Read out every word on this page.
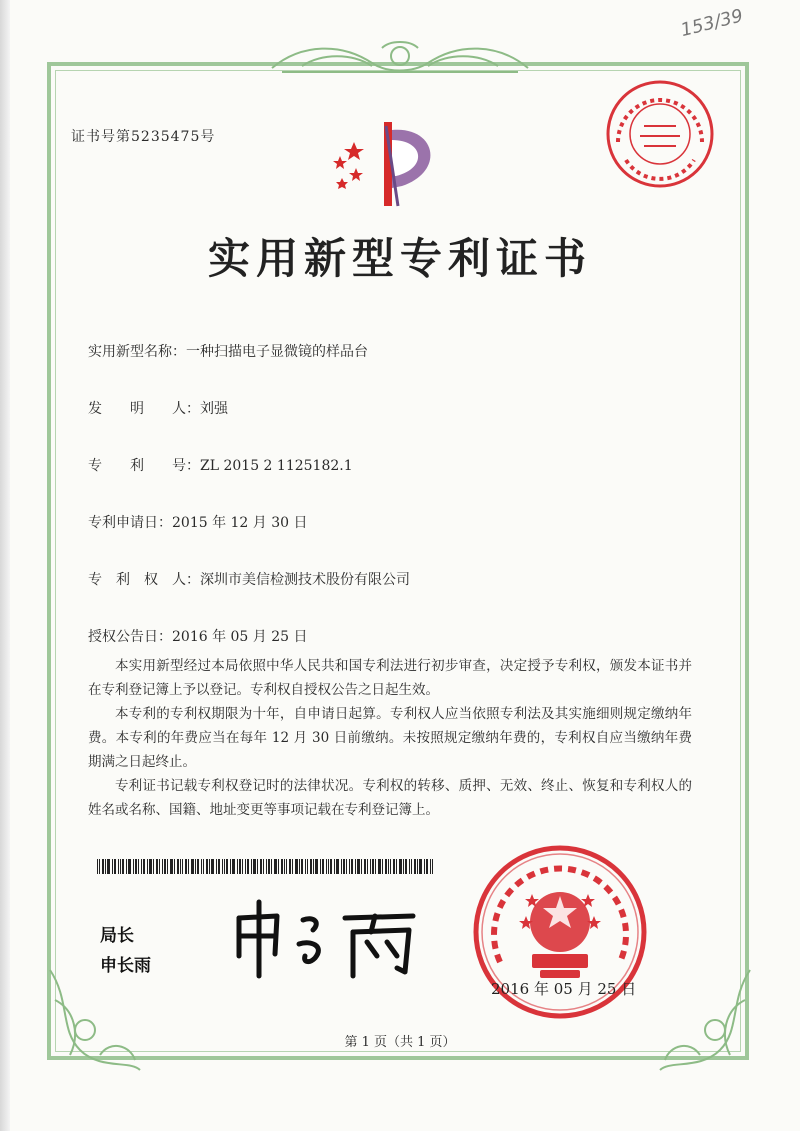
153/39
证书号第5235475号
实用新型专利证书
实用新型名称：一种扫描电子显微镜的样品台
发　　明　　人：刘强
专　　利　　号：ZL 2015 2 1125182.1
专利申请日：2015 年 12 月 30 日
专　利　权　人：深圳市美信检测技术股份有限公司
授权公告日：2016 年 05 月 25 日

本实用新型经过本局依照中华人民共和国专利法进行初步审查，决定授予专利权，颁发本证书并在专利登记簿上予以登记。专利权自授权公告之日起生效。

本专利的专利权期限为十年，自申请日起算。专利权人应当依照专利法及其实施细则规定缴纳年费。本专利的年费应当在每年 12 月 30 日前缴纳。未按照规定缴纳年费的，专利权自应当缴纳年费期满之日起终止。

专利证书记载专利权登记时的法律状况。专利权的转移、质押、无效、终止、恢复和专利权人的姓名或名称、国籍、地址变更等事项记载在专利登记簿上。

局长
申长雨
2016 年 05 月 25 日
第 1 页（共 1 页）
